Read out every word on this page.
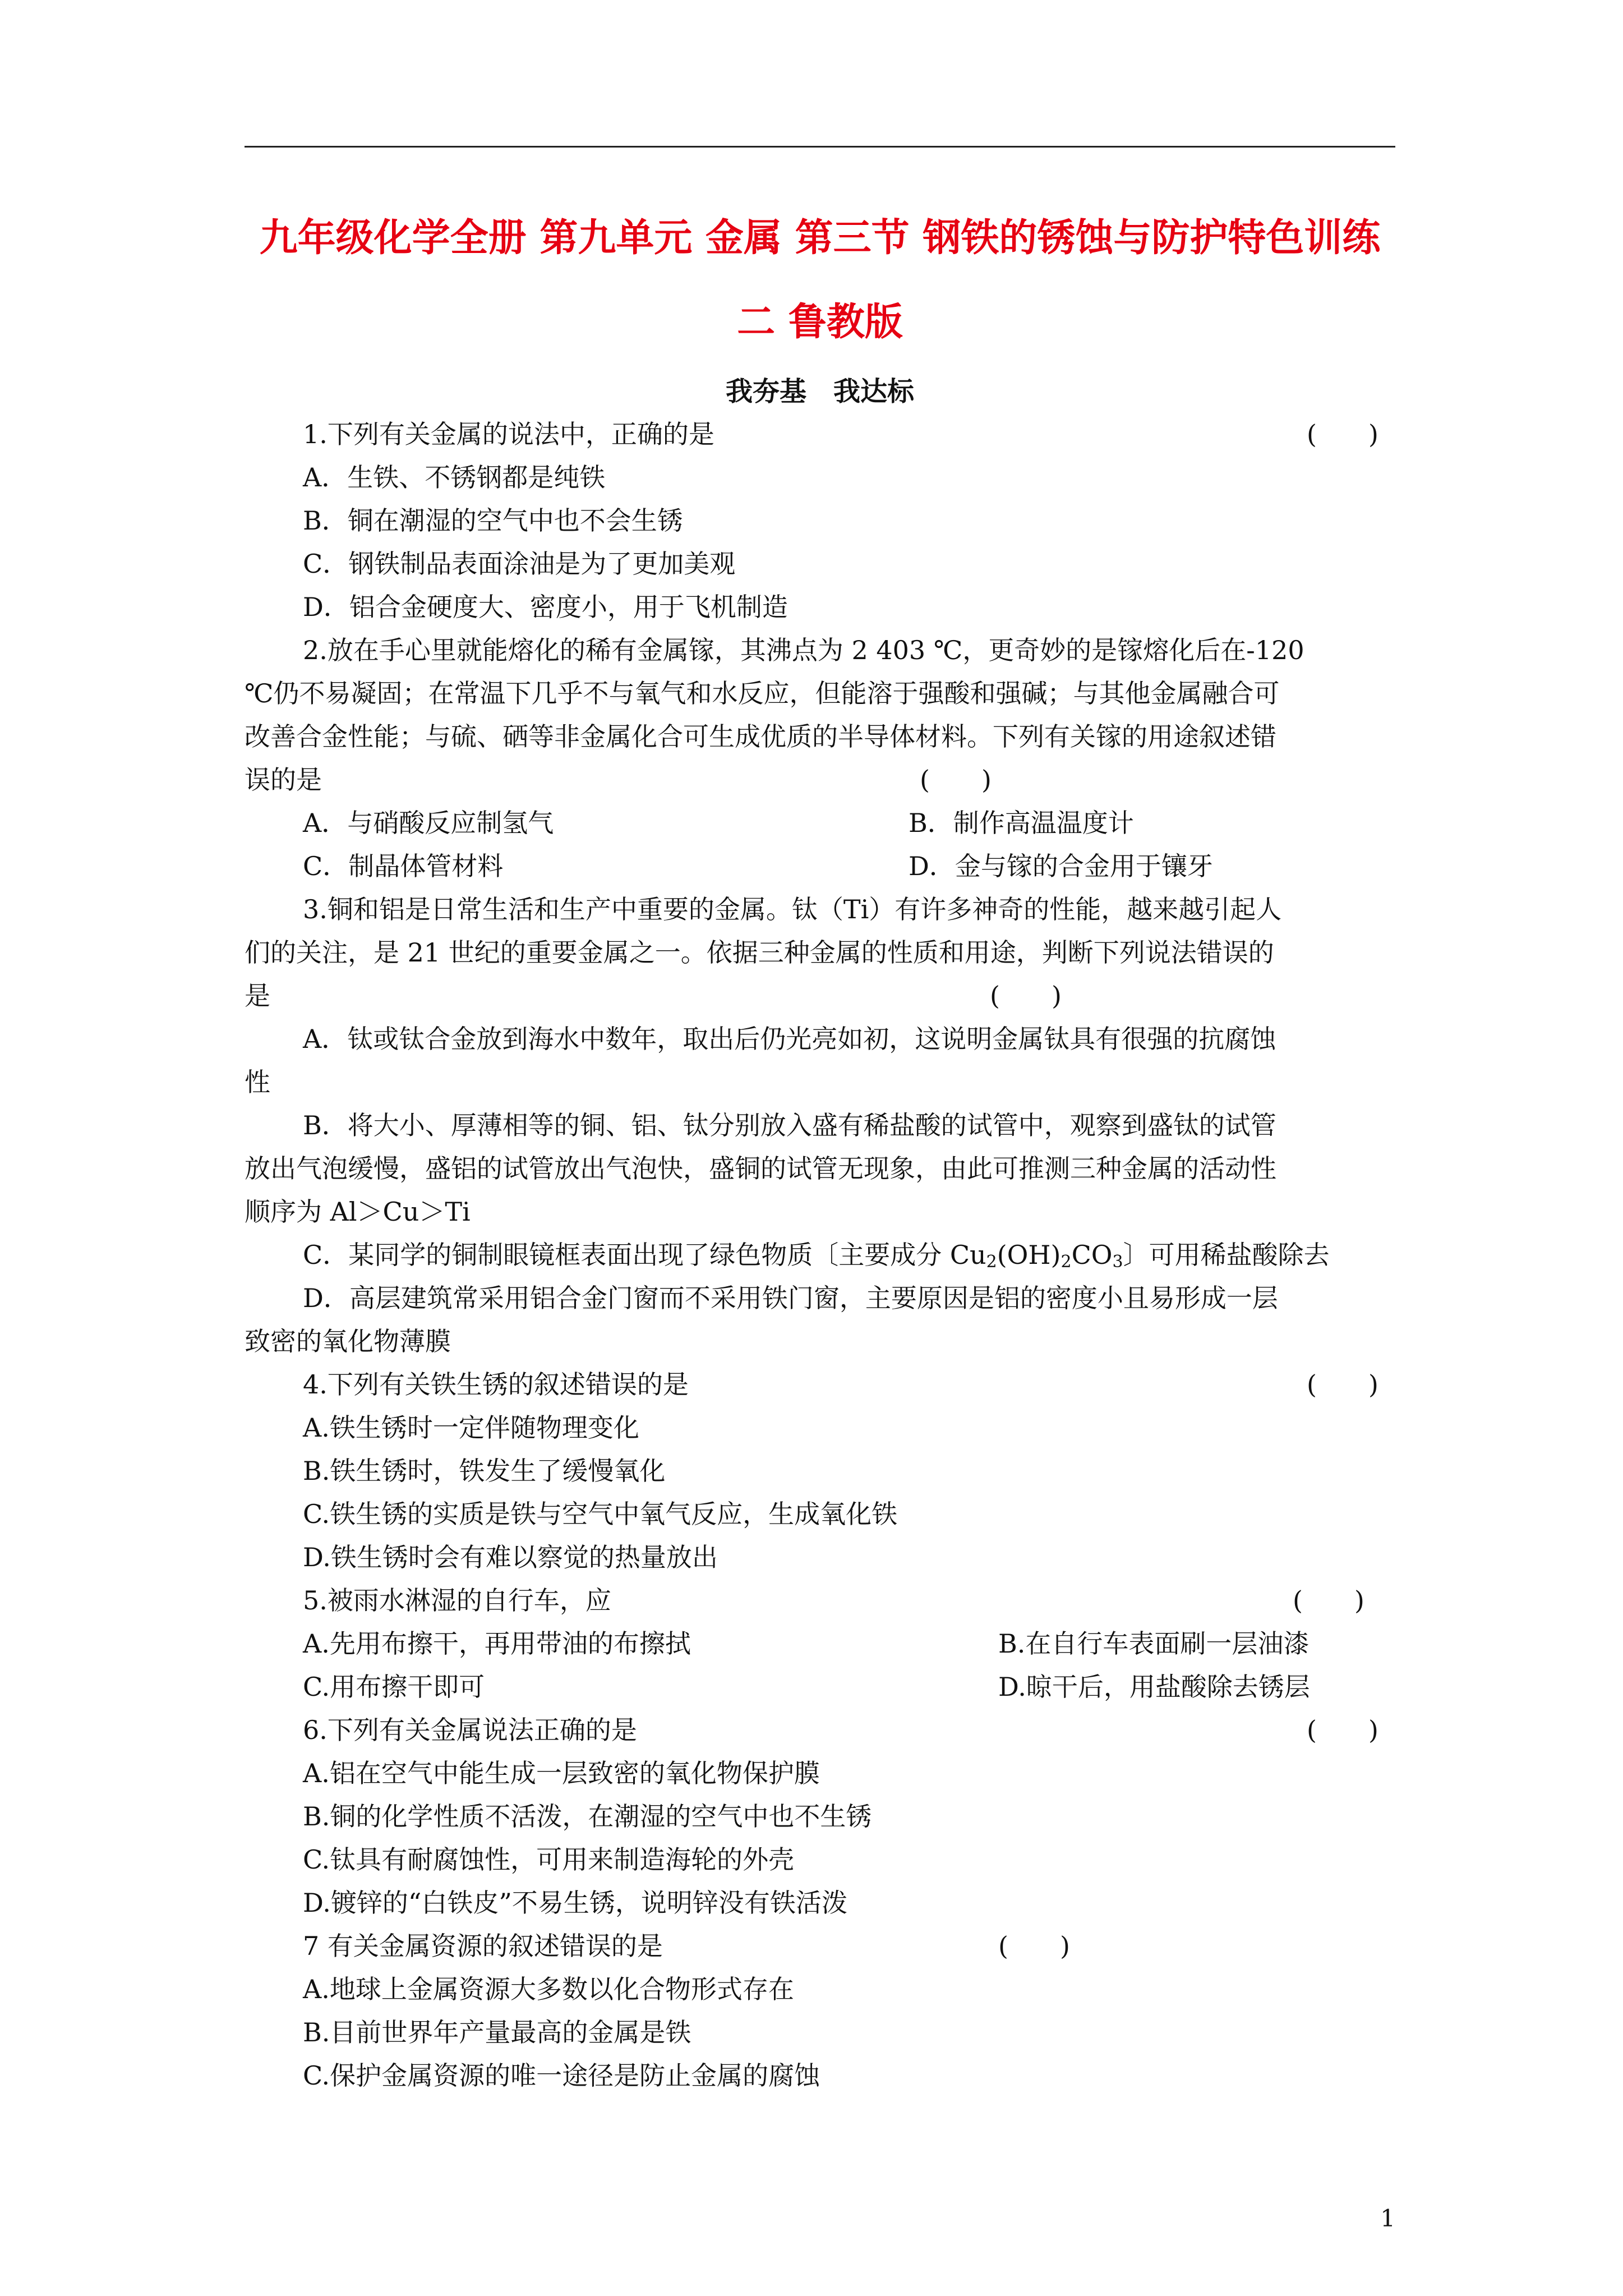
九年级化学全册 第九单元 金属 第三节 钢铁的锈蚀与防护特色训练
二 鲁教版
我夯基　我达标
1.下列有关金属的说法中，正确的是	(　　)
A．生铁、不锈钢都是纯铁
B．铜在潮湿的空气中也不会生锈
C．钢铁制品表面涂油是为了更加美观
D．铝合金硬度大、密度小，用于飞机制造
2.放在手心里就能熔化的稀有金属镓，其沸点为 2 403 ℃，更奇妙的是镓熔化后在-120
℃仍不易凝固；在常温下几乎不与氧气和水反应，但能溶于强酸和强碱；与其他金属融合可
改善合金性能；与硫、硒等非金属化合可生成优质的半导体材料。下列有关镓的用途叙述错
误的是	(　　)
A．与硝酸反应制氢气	B．制作高温温度计
C．制晶体管材料	D．金与镓的合金用于镶牙
3.铜和铝是日常生活和生产中重要的金属。钛（Ti）有许多神奇的性能，越来越引起人
们的关注，是 21 世纪的重要金属之一。依据三种金属的性质和用途，判断下列说法错误的
是	(　　)
A．钛或钛合金放到海水中数年，取出后仍光亮如初，这说明金属钛具有很强的抗腐蚀
性
B．将大小、厚薄相等的铜、铝、钛分别放入盛有稀盐酸的试管中，观察到盛钛的试管
放出气泡缓慢，盛铝的试管放出气泡快，盛铜的试管无现象，由此可推测三种金属的活动性
顺序为 Al＞Cu＞Ti
C．某同学的铜制眼镜框表面出现了绿色物质〔主要成分 $Cu_2(OH)_2CO_3$〕可用稀盐酸除去
D．高层建筑常采用铝合金门窗而不采用铁门窗，主要原因是铝的密度小且易形成一层
致密的氧化物薄膜
4.下列有关铁生锈的叙述错误的是	(　　)
A.铁生锈时一定伴随物理变化
B.铁生锈时，铁发生了缓慢氧化
C.铁生锈的实质是铁与空气中氧气反应，生成氧化铁
D.铁生锈时会有难以察觉的热量放出
5.被雨水淋湿的自行车，应	(　　)
A.先用布擦干，再用带油的布擦拭	B.在自行车表面刷一层油漆
C.用布擦干即可	D.晾干后，用盐酸除去锈层
6.下列有关金属说法正确的是	(　　)
A.铝在空气中能生成一层致密的氧化物保护膜
B.铜的化学性质不活泼，在潮湿的空气中也不生锈
C.钛具有耐腐蚀性，可用来制造海轮的外壳
D.镀锌的“白铁皮”不易生锈，说明锌没有铁活泼
7 有关金属资源的叙述错误的是	(　　)
A.地球上金属资源大多数以化合物形式存在
B.目前世界年产量最高的金属是铁
C.保护金属资源的唯一途径是防止金属的腐蚀
1
